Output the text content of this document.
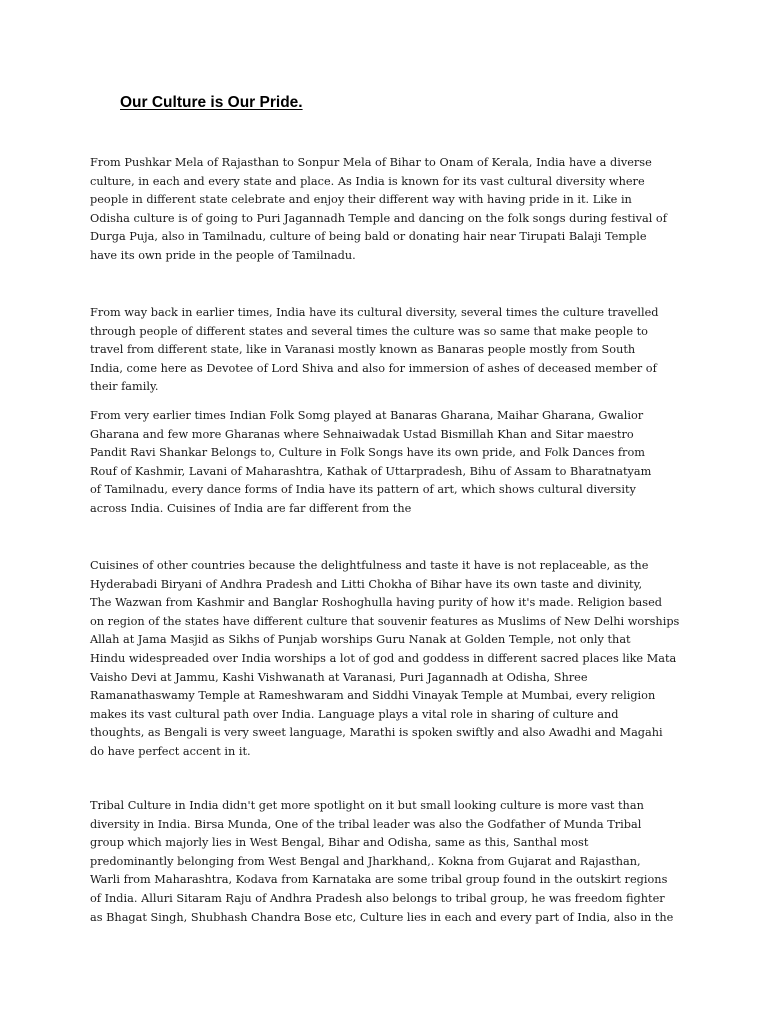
Our Culture is Our Pride.

From Pushkar Mela of Rajasthan to Sonpur Mela of Bihar to Onam of Kerala, India have a diverse
culture, in each and every state and place. As India is known for its vast cultural diversity where
people in different state celebrate and enjoy their different way with having pride in it. Like in
Odisha culture is of going to Puri Jagannadh Temple and dancing on the folk songs during festival of
Durga Puja, also in Tamilnadu, culture of being bald or donating hair near Tirupati Balaji Temple
have its own pride in the people of Tamilnadu.

From way back in earlier times, India have its cultural diversity, several times the culture travelled
through people of different states and several times the culture was so same that make people to
travel from different state, like in Varanasi mostly known as Banaras people mostly from South
India, come here as Devotee of Lord Shiva and also for immersion of ashes of deceased member of
their family.

From very earlier times Indian Folk Somg played at Banaras Gharana, Maihar Gharana, Gwalior
Gharana and few more Gharanas where Sehnaiwadak Ustad Bismillah Khan and Sitar maestro
Pandit Ravi Shankar Belongs to, Culture in Folk Songs have its own pride, and Folk Dances from
Rouf of Kashmir, Lavani of Maharashtra, Kathak of Uttarpradesh, Bihu of Assam to Bharatnatyam
of Tamilnadu, every dance forms of India have its pattern of art, which shows cultural diversity
across India. Cuisines of India are far different from the

Cuisines of other countries because the delightfulness and taste it have is not replaceable, as the
Hyderabadi Biryani of Andhra Pradesh and Litti Chokha of Bihar have its own taste and divinity,
The Wazwan from Kashmir and Banglar Roshoghulla having purity of how it's made. Religion based
on region of the states have different culture that souvenir features as Muslims of New Delhi worships
Allah at Jama Masjid as Sikhs of Punjab worships Guru Nanak at Golden Temple, not only that
Hindu widespreaded over India worships a lot of god and goddess in different sacred places like Mata
Vaisho Devi at Jammu, Kashi Vishwanath at Varanasi, Puri Jagannadh at Odisha, Shree
Ramanathaswamy Temple at Rameshwaram and Siddhi Vinayak Temple at Mumbai, every religion
makes its vast cultural path over India. Language plays a vital role in sharing of culture and
thoughts, as Bengali is very sweet language, Marathi is spoken swiftly and also Awadhi and Magahi
do have perfect accent in it.

Tribal Culture in India didn't get more spotlight on it but small looking culture is more vast than
diversity in India. Birsa Munda, One of the tribal leader was also the Godfather of Munda Tribal
group which majorly lies in West Bengal, Bihar and Odisha, same as this, Santhal most
predominantly belonging from West Bengal and Jharkhand,. Kokna from Gujarat and Rajasthan,
Warli from Maharashtra, Kodava from Karnataka are some tribal group found in the outskirt regions
of India. Alluri Sitaram Raju of Andhra Pradesh also belongs to tribal group, he was freedom fighter
as Bhagat Singh, Shubhash Chandra Bose etc, Culture lies in each and every part of India, also in the
